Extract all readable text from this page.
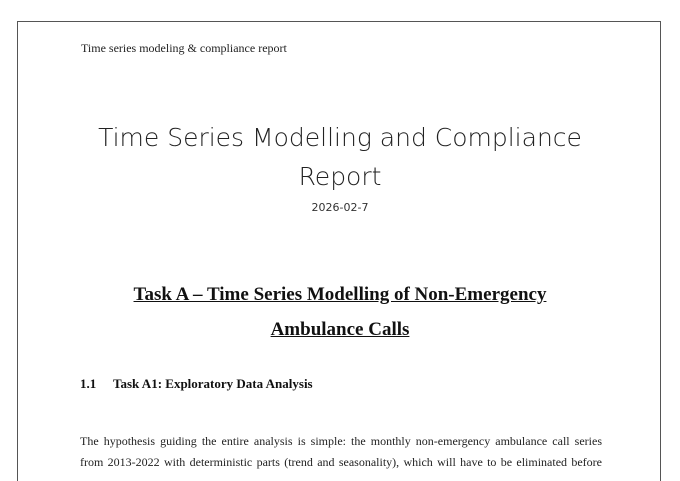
Time series modeling & compliance report
Time Series Modelling and Compliance
Report
2026-02-7
Task A – Time Series Modelling of Non-Emergency
Ambulance Calls
1.1 Task A1: Exploratory Data Analysis

The hypothesis guiding the entire analysis is simple: the monthly non-emergency ambulance call series

from 2013-2022 with deterministic parts (trend and seasonality), which will have to be eliminated before
